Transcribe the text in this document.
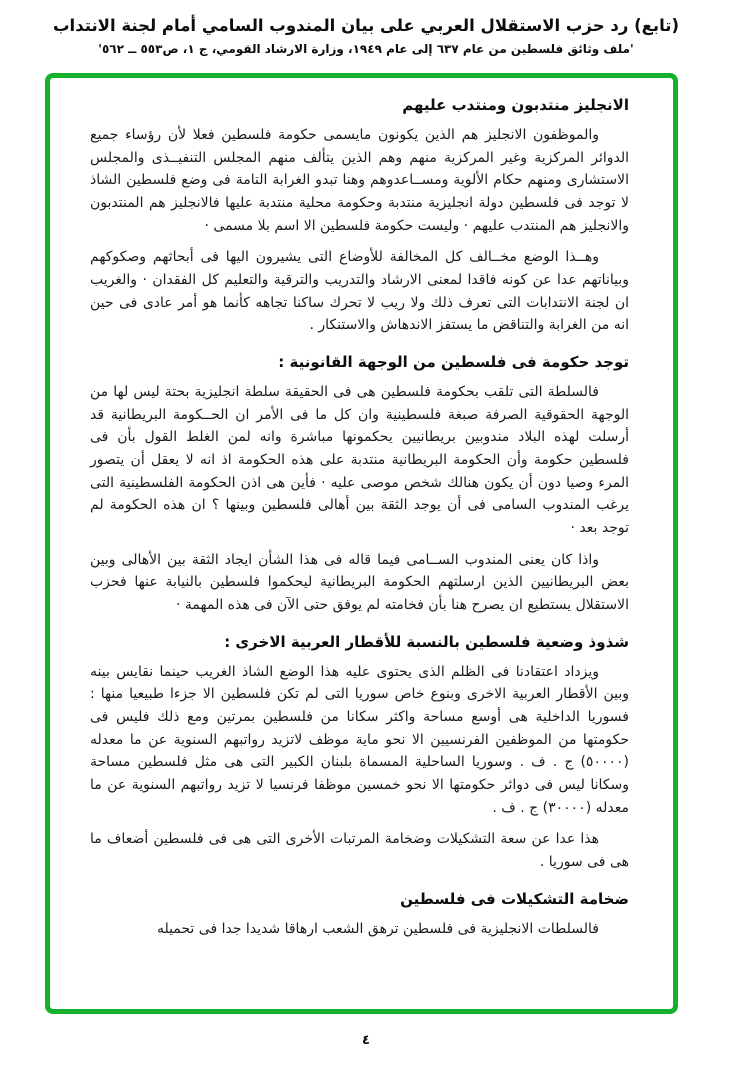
(تابع) رد حزب الاستقلال العربي على بيان المندوب السامي أمام لجنة الانتداب
'ملف وثائق فلسطين من عام ٦٣٧ إلى عام ١٩٤٩، وزارة الارشاد القومي، ج ١، ص٥٥٣ ــ ٥٦٢'
الانجليز منتدبون ومنتدب عليهم

والموظفون الانجليز هم الذين يكونون مايسمى حكومة فلسطين فعلا لأن رؤساء جميع الدوائر المركزية وغير المركزية منهم وهم الذين يتألف منهم المجلس التنفيــذى والمجلس الاستشارى ومنهم حكام الألوية ومســاعدوهم وهنا تبدو الغرابة التامة فى وضع فلسطين الشاذ لا توجد فى فلسطين دولة انجليزية منتدبة وحكومة محلية منتدبة عليها فالانجليز هم المنتدبون والانجليز هم المنتدب عليهم · وليست حكومة فلسطين الا اسم بلا مسمى ·

وهــذا الوضع مخــالف كل المخالفة للأوضاع التى يشيرون اليها فى أبحاثهم وصكوكهم وبياناتهم عدا عن كونه فاقدا لمعنى الارشاد والتدريب والترقية والتعليم كل الفقدان · والغريب ان لجنة الانتدابات التى تعرف ذلك ولا ريب لا تحرك ساكنا تجاهه كأنما هو أمر عادى فى حين انه من الغرابة والتناقض ما يستفز الاندهاش والاستنكار .

توجد حكومة فى فلسطين من الوجهة القانونية :

فالسلطة التى تلقب بحكومة فلسطين هى فى الحقيقة سلطة انجليزية بحتة ليس لها من الوجهة الحقوقية الصرفة صبغة فلسطينية وان كل ما فى الأمر ان الحــكومة البريطانية قد أرسلت لهذه البلاد مندوبين بريطانيين يحكمونها مباشرة وانه لمن الغلط القول بأن فى فلسطين حكومة وأن الحكومة البريطانية منتدبة على هذه الحكومة اذ انه لا يعقل أن يتصور المرء وصيا دون أن يكون هنالك شخص موصى عليه · فأين هى اذن الحكومة الفلسطينية التى يرغب المندوب السامى فى أن يوجد الثقة بين أهالى فلسطين وبينها ؟ ان هذه الحكومة لم توجد بعد ·

واذا كان يعنى المندوب الســامى فيما قاله فى هذا الشأن ايجاد الثقة بين الأهالى وبين بعض البريطانيين الذين ارسلتهم الحكومة البريطانية ليحكموا فلسطين بالنيابة عنها فحزب الاستقلال يستطيع ان يصرح هنا بأن فخامته لم يوفق حتى الآن فى هذه المهمة ·

شذوذ وضعية فلسطين بالنسبة للأقطار العربية الاخرى :

ويزداد اعتقادنا فى الظلم الذى يحتوى عليه هذا الوضع الشاذ الغريب حينما نقايس بينه وبين الأقطار العربية الاخرى وبنوع خاص سوريا التى لم تكن فلسطين الا جزءا طبيعيا منها : فسوريا الداخلية هى أوسع مساحة واكثر سكانا من فلسطين بمرتين ومع ذلك فليس فى حكومتها من الموظفين الفرنسيين الا نحو ماية موظف لاتزيد رواتبهم السنوية عن ما معدله (٥٠٠٠٠) ج . ف . وسوريا الساحلية المسماة بلبنان الكبير التى هى مثل فلسطين مساحة وسكانا ليس فى دوائر حكومتها الا نحو خمسين موظفا فرنسيا لا تزيد رواتبهم السنوية عن ما معدله (٣٠٠٠٠) ج . ف .

هذا عدا عن سعة التشكيلات وضخامة المرتبات الأخرى التى هى فى فلسطين أضعاف ما هى فى سوريا .

ضخامة التشكيلات فى فلسطين

فالسلطات الانجليزية فى فلسطين ترهق الشعب ارهاقا شديدا جدا فى تحميله

٤
